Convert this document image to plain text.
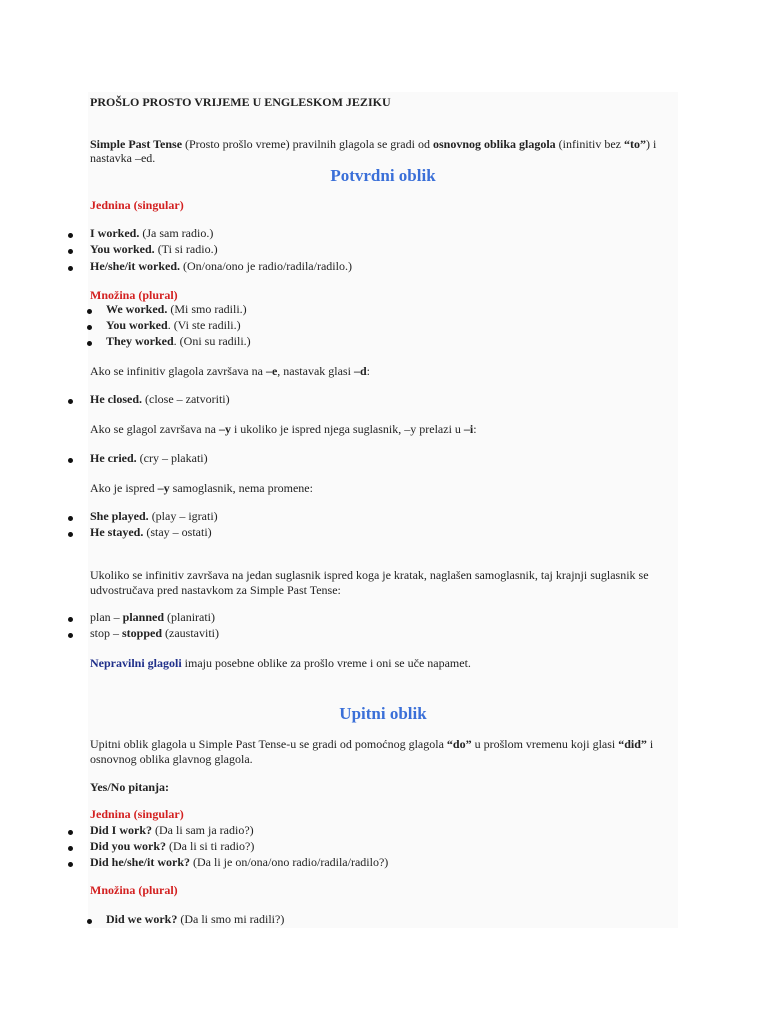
PROŠLO PROSTO VRIJEME U ENGLESKOM JEZIKU
Simple Past Tense (Prosto prošlo vreme) pravilnih glagola se gradi od osnovnog oblika glagola (infinitiv bez “to”) i
nastavka –ed.
Potvrdni oblik
Jednina (singular)
I worked. (Ja sam radio.)
You worked. (Ti si radio.)
He/she/it worked. (On/ona/ono je radio/radila/radilo.)
Množina (plural)
We worked. (Mi smo radili.)
You worked. (Vi ste radili.)
They worked. (Oni su radili.)
Ako se infinitiv glagola završava na –e, nastavak glasi –d:
He closed. (close – zatvoriti)
Ako se glagol završava na –y i ukoliko je ispred njega suglasnik, –y prelazi u –i:
He cried. (cry – plakati)
Ako je ispred –y samoglasnik, nema promene:
She played. (play – igrati)
He stayed. (stay – ostati)
Ukoliko se infinitiv završava na jedan suglasnik ispred koga je kratak, naglašen samoglasnik, taj krajnji suglasnik se
udvostručava pred nastavkom za Simple Past Tense:
plan – planned (planirati)
stop – stopped (zaustaviti)
Nepravilni glagoli imaju posebne oblike za prošlo vreme i oni se uče napamet.
Upitni oblik
Upitni oblik glagola u Simple Past Tense-u se gradi od pomoćnog glagola “do” u prošlom vremenu koji glasi “did” i
osnovnog oblika glavnog glagola.
Yes/No pitanja:
Jednina (singular)
Did I work? (Da li sam ja radio?)
Did you work? (Da li si ti radio?)
Did he/she/it work? (Da li je on/ona/ono radio/radila/radilo?)
Množina (plural)
Did we work? (Da li smo mi radili?)
